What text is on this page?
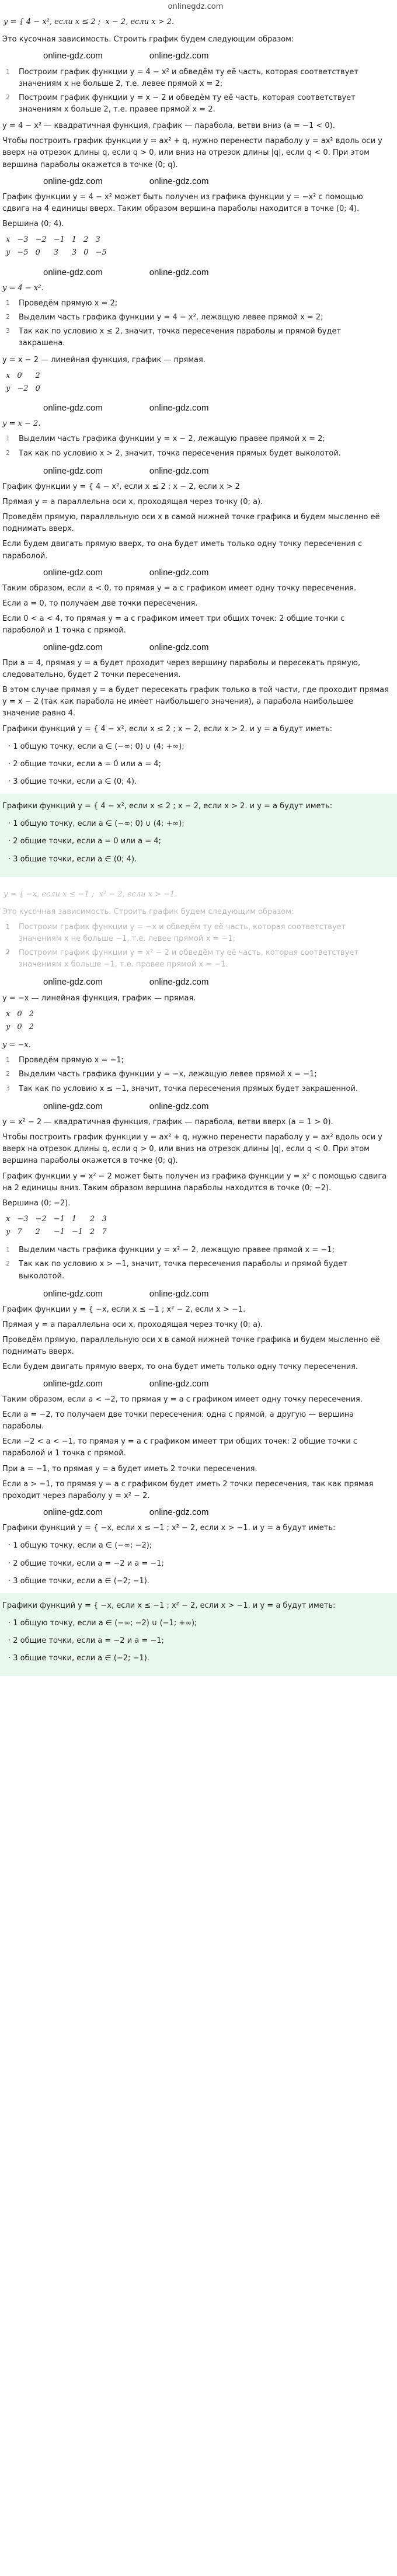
onlinegdz.com
y = { 4 − x², если x ≤ 2 ;  x − 2, если x > 2.
Это кусочная зависимость. Строить график будем следующим образом:
online-gdz.com	online-gdz.com
1 Построим график функции y = 4 − x² и обведём ту её часть, которая соответствует значениям x не больше 2, т.е. левее прямой x = 2;
2 Построим график функции y = x − 2 и обведём ту её часть, которая соответствует значениям x больше 2, т.е. правее прямой x = 2.
y = 4 − x² — квадратичная функция, график — парабола, ветви вниз (a = −1 < 0).
Чтобы построить график функции y = ax² + q, нужно перенести параболу y = ax² вдоль оси y вверх на отрезок длины q, если q > 0, или вниз на отрезок длины |q|, если q < 0. При этом вершина параболы окажется в точке (0; q).
online-gdz.com	online-gdz.com
График функции y = 4 − x² может быть получен из графика функции y = −x² с помощью сдвига на 4 единицы вверх. Таким образом вершина параболы находится в точке (0; 4).
Вершина (0; 4).
x	−3	−2	−1	1	2	3
y	−5	0	3	3	0	−5
online-gdz.com	online-gdz.com
y = 4 − x².
1 Проведём прямую x = 2;
2 Выделим часть графика функции y = 4 − x², лежащую левее прямой x = 2;
3 Так как по условию x ≤ 2, значит, точка пересечения параболы и прямой будет закрашена.
y = x − 2 — линейная функция, график — прямая.
x	0	2
y	−2	0
online-gdz.com	online-gdz.com
y = x − 2.
1 Выделим часть графика функции y = x − 2, лежащую правее прямой x = 2;
2 Так как по условию x > 2, значит, точка пересечения прямых будет выколотой.
online-gdz.com	online-gdz.com
График функции y = { 4 − x², если x ≤ 2 ; x − 2, если x > 2
Прямая y = a параллельна оси x, проходящая через точку (0; a).
Проведём прямую, параллельную оси x в самой нижней точке графика и будем мысленно её поднимать вверх.
Если будем двигать прямую вверх, то она будет иметь только одну точку пересечения с параболой.
online-gdz.com	online-gdz.com
Таким образом, если a < 0, то прямая y = a с графиком имеет одну точку пересечения.
Если a = 0, то получаем две точки пересечения.
Если 0 < a < 4, то прямая y = a с графиком имеет три общих точек: 2 общие точки с параболой и 1 точка с прямой.
online-gdz.com	online-gdz.com
При a = 4, прямая y = a будет проходит через вершину параболы и пересекать прямую, следовательно, будет 2 точки пересечения.
В этом случае прямая y = a будет пересекать график только в той части, где проходит прямая y = x − 2 (так как парабола не имеет наибольшего значения), а парабола наибольшее значение равно 4.
Графики функций y = { 4 − x², если x ≤ 2 ; x − 2, если x > 2. и y = a будут иметь:
· 1 общую точку, если a ∈ (−∞; 0) ∪ (4; +∞);
· 2 общие точки, если a = 0 или a = 4;
· 3 общие точки, если a ∈ (0; 4).
Графики функций y = { 4 − x², если x ≤ 2 ; x − 2, если x > 2. и y = a будут иметь:
· 1 общую точку, если a ∈ (−∞; 0) ∪ (4; +∞);
· 2 общие точки, если a = 0 или a = 4;
· 3 общие точки, если a ∈ (0; 4).
y = { −x, если x ≤ −1 ;  x² − 2, если x > −1.
Это кусочная зависимость. Строить график будем следующим образом:
1 Построим график функции y = −x и обведём ту её часть, которая соответствует значениям x не больше −1, т.е. левее прямой x = −1;
2 Построим график функции y = x² − 2 и обведём ту её часть, которая соответствует значениям x больше −1, т.е. правее прямой x = −1.
online-gdz.com	online-gdz.com
y = −x — линейная функция, график — прямая.
x	0	2
y	0	2
y = −x.
1 Проведём прямую x = −1;
2 Выделим часть графика функции y = −x, лежащую левее прямой x = −1;
3 Так как по условию x ≤ −1, значит, точка пересечения прямых будет закрашенной.
online-gdz.com	online-gdz.com
y = x² − 2 — квадратичная функция, график — парабола, ветви вверх (a = 1 > 0).
Чтобы построить график функции y = ax² + q, нужно перенести параболу y = ax² вдоль оси y вверх на отрезок длины q, если q > 0, или вниз на отрезок длины |q|, если q < 0. При этом вершина параболы окажется в точке (0; q).
График функции y = x² − 2 может быть получен из графика функции y = x² с помощью сдвига на 2 единицы вниз. Таким образом вершина параболы находится в точке (0; −2).
Вершина (0; −2).
x	−3	−2	−1	1	2	3
y	7	2	−1	−1	2	7
1 Выделим часть графика функции y = x² − 2, лежащую правее прямой x = −1;
2 Так как по условию x > −1, значит, точка пересечения параболы и прямой будет выколотой.
online-gdz.com	online-gdz.com
График функции y = { −x, если x ≤ −1 ; x² − 2, если x > −1.
Прямая y = a параллельна оси x, проходящая через точку (0; a).
Проведём прямую, параллельную оси x в самой нижней точке графика и будем мысленно её поднимать вверх.
Если будем двигать прямую вверх, то она будет иметь только одну точку пересечения.
online-gdz.com	online-gdz.com
Таким образом, если a < −2, то прямая y = a с графиком имеет одну точку пересечения.
Если a = −2, то получаем две точки пересечения: одна с прямой, а другую — вершина параболы.
Если −2 < a < −1, то прямая y = a с графиком имеет три общих точек: 2 общие точки с параболой и 1 точка с прямой.
При a = −1, то прямая y = a будет иметь 2 точки пересечения.
Если a > −1, то прямая y = a с графиком будет иметь 2 точки пересечения, так как прямая проходит через параболу y = x² − 2.
online-gdz.com	online-gdz.com
Графики функций y = { −x, если x ≤ −1 ; x² − 2, если x > −1. и y = a будут иметь:
· 1 общую точку, если a ∈ (−∞; −2);
· 2 общие точки, если a = −2 и a = −1;
· 3 общие точки, если a ∈ (−2; −1).
Графики функций y = { −x, если x ≤ −1 ; x² − 2, если x > −1. и y = a будут иметь:
· 1 общую точку, если a ∈ (−∞; −2) ∪ (−1; +∞);
· 2 общие точки, если a = −2 и a = −1;
· 3 общие точки, если a ∈ (−2; −1).
